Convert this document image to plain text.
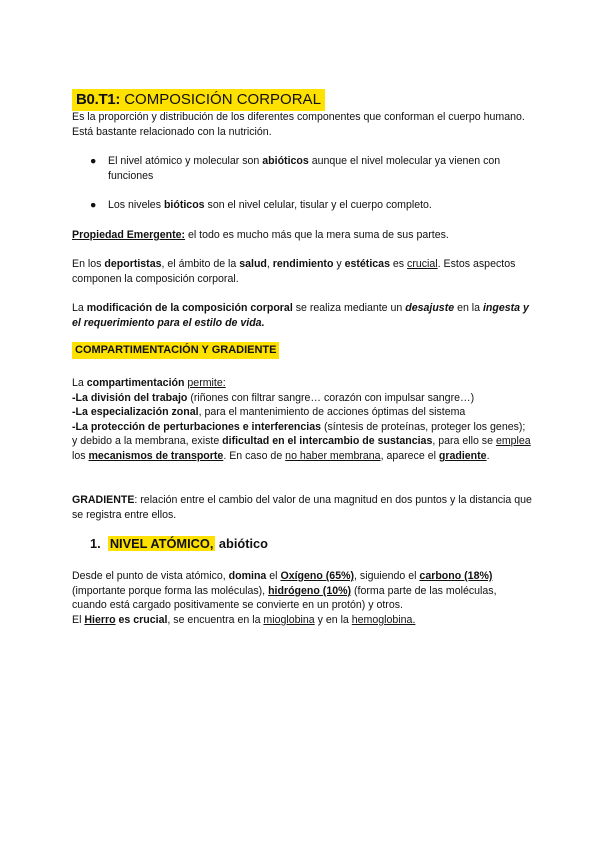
B0.T1: COMPOSICIÓN CORPORAL
Es la proporción y distribución de los diferentes componentes que conforman el cuerpo humano. Está bastante relacionado con la nutrición.
● El nivel atómico y molecular son abióticos aunque el nivel molecular ya vienen con funciones
● Los niveles bióticos son el nivel celular, tisular y el cuerpo completo.
Propiedad Emergente: el todo es mucho más que la mera suma de sus partes.
En los deportistas, el ámbito de la salud, rendimiento y estéticas es crucial. Estos aspectos componen la composición corporal.
La modificación de la composición corporal se realiza mediante un desajuste en la ingesta y el requerimiento para el estilo de vida.
COMPARTIMENTACIÓN Y GRADIENTE
La compartimentación permite:
-La división del trabajo (riñones con filtrar sangre… corazón con impulsar sangre…)
-La especialización zonal, para el mantenimiento de acciones óptimas del sistema
-La protección de perturbaciones e interferencias (síntesis de proteínas, proteger los genes); y debido a la membrana, existe dificultad en el intercambio de sustancias, para ello se emplea los mecanismos de transporte. En caso de no haber membrana, aparece el gradiente.
GRADIENTE: relación entre el cambio del valor de una magnitud en dos puntos y la distancia que se registra entre ellos.
1. NIVEL ATÓMICO, abiótico
Desde el punto de vista atómico, domina el Oxígeno (65%), siguiendo el carbono (18%) (importante porque forma las moléculas), hidrógeno (10%) (forma parte de las moléculas, cuando está cargado positivamente se convierte en un protón) y otros.
El Hierro es crucial, se encuentra en la mioglobina y en la hemoglobina.
